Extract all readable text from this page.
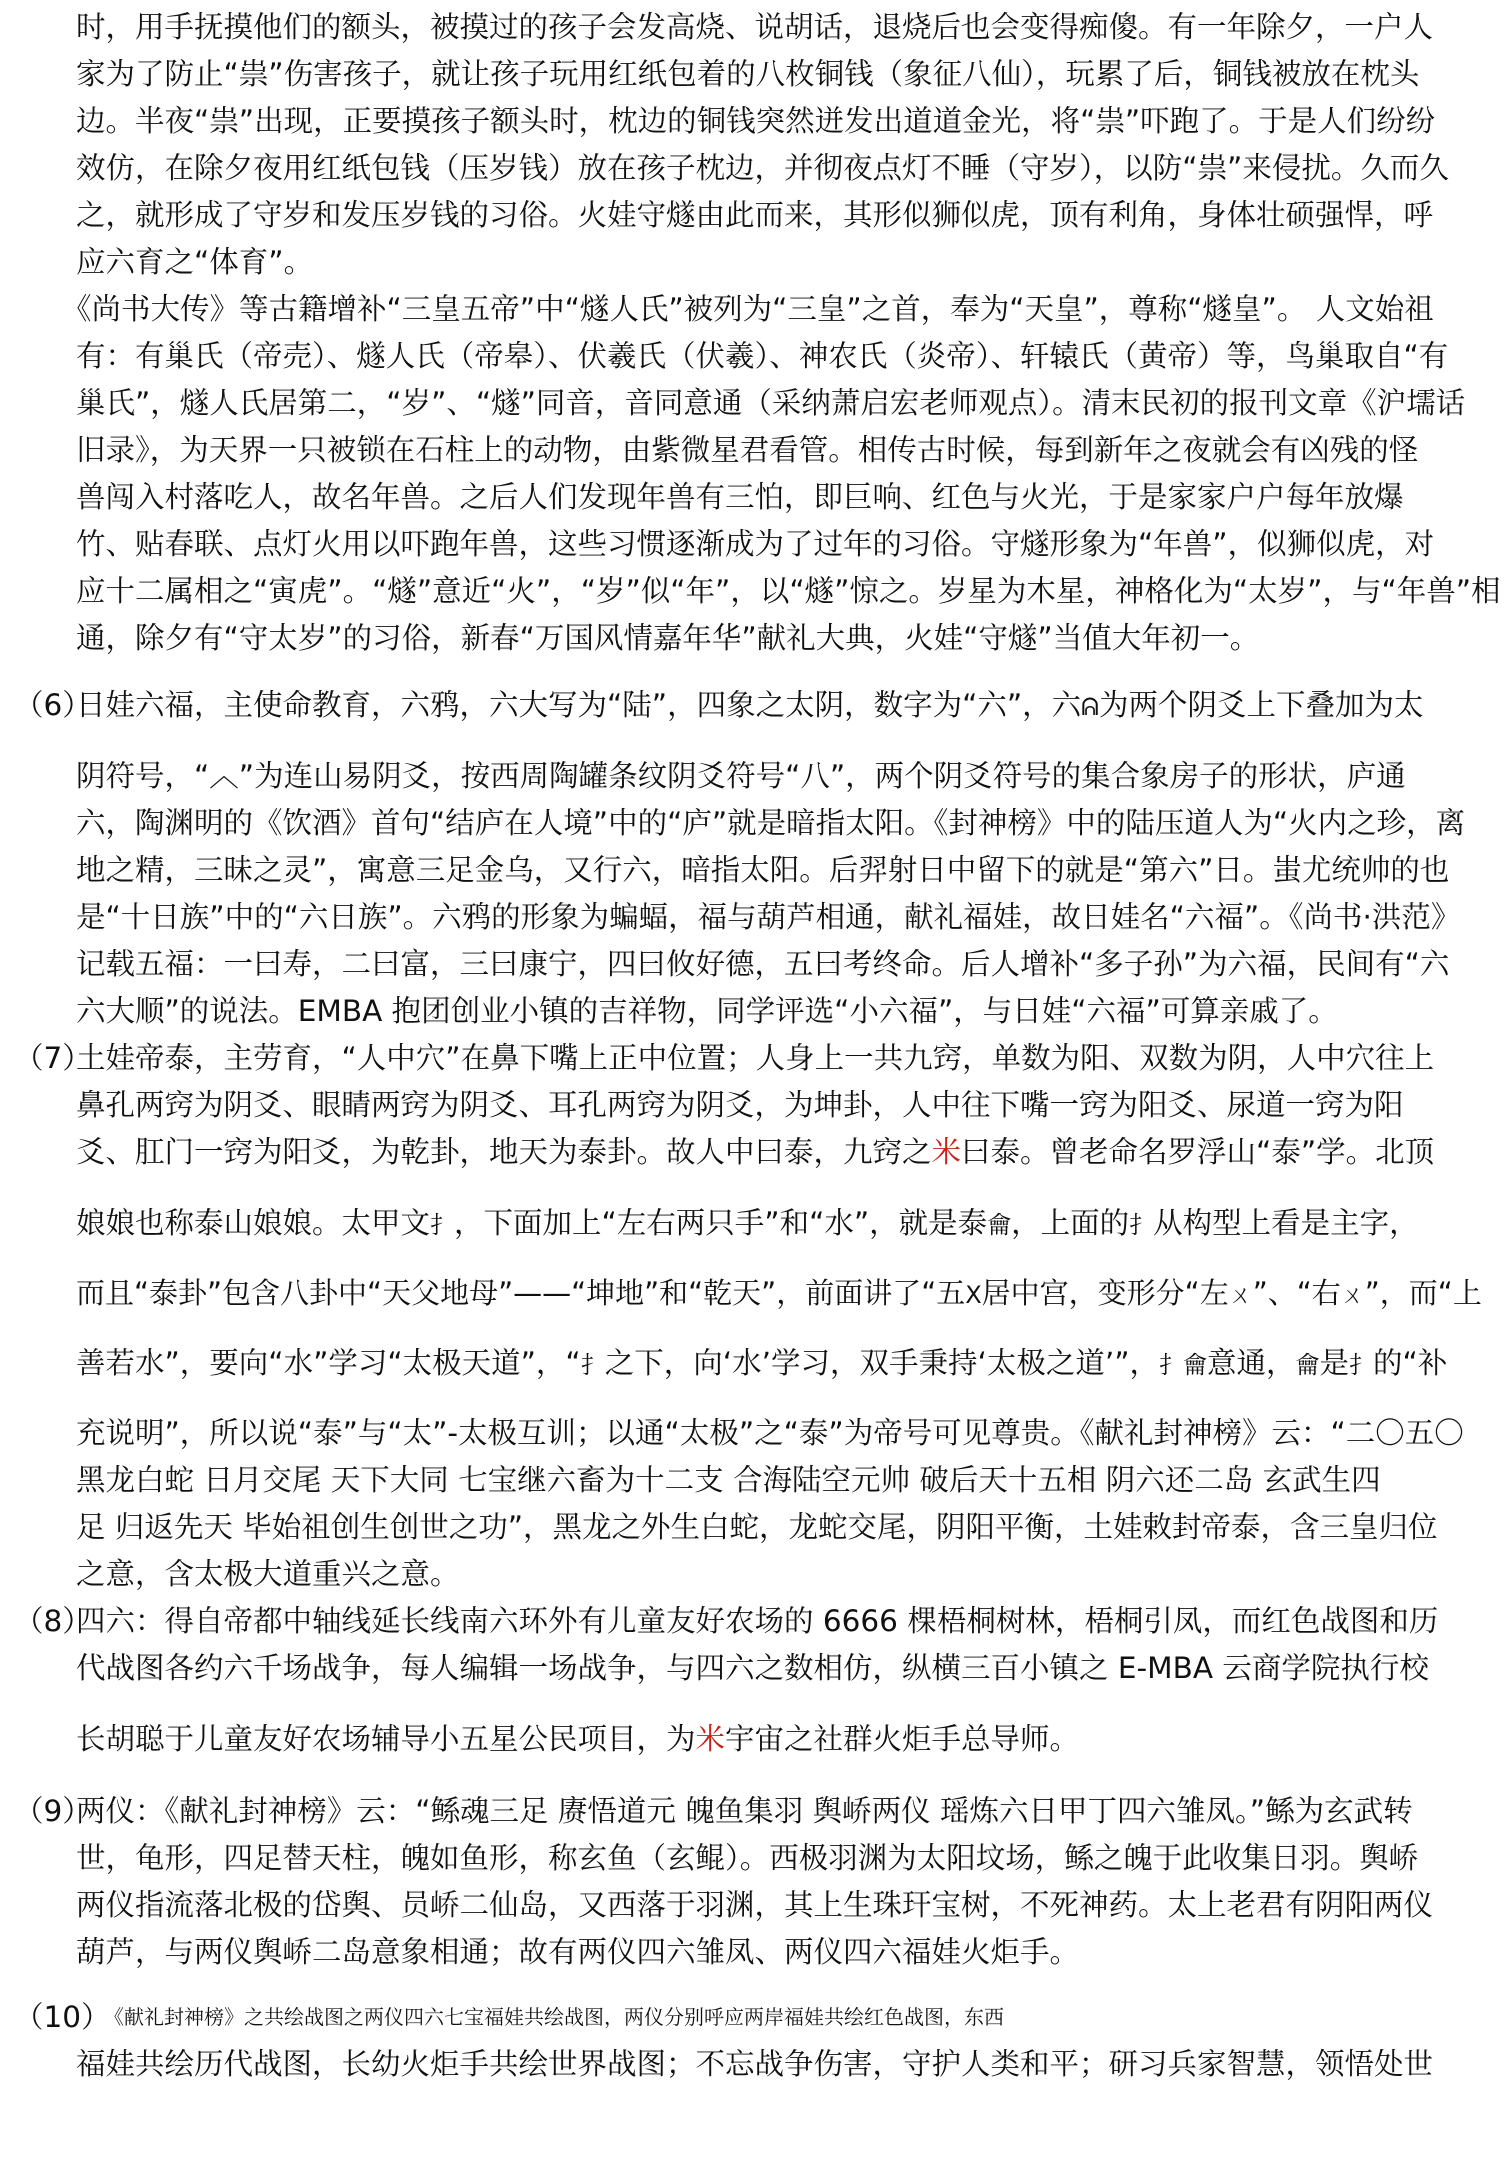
时，用手抚摸他们的额头，被摸过的孩子会发高烧、说胡话，退烧后也会变得痴傻。有一年除夕，一户人
家为了防止“祟”伤害孩子，就让孩子玩用红纸包着的八枚铜钱（象征八仙），玩累了后，铜钱被放在枕头
边。半夜“祟”出现，正要摸孩子额头时，枕边的铜钱突然迸发出道道金光，将“祟”吓跑了。于是人们纷纷
效仿，在除夕夜用红纸包钱（压岁钱）放在孩子枕边，并彻夜点灯不睡（守岁），以防“祟”来侵扰。久而久
之，就形成了守岁和发压岁钱的习俗。火娃守燧由此而来，其形似狮似虎，顶有利角，身体壮硕强悍，呼
应六育之“体育”。
《尚书大传》等古籍增补“三皇五帝”中“燧人氏”被列为“三皇”之首，奉为“天皇”，尊称“燧皇”。 人文始祖
有：有巢氏（帝売）、燧人氏（帝皋）、伏羲氏（伏羲）、神农氏（炎帝）、轩辕氏（黄帝）等，鸟巢取自“有
巢氏”，燧人氏居第二，“岁”、“燧”同音，音同意通（采纳萧启宏老师观点）。清末民初的报刊文章《沪壖话
旧录》，为天界一只被锁在石柱上的动物，由紫微星君看管。相传古时候，每到新年之夜就会有凶残的怪
兽闯入村落吃人，故名年兽。之后人们发现年兽有三怕，即巨响、红色与火光，于是家家户户每年放爆
竹、贴春联、点灯火用以吓跑年兽，这些习惯逐渐成为了过年的习俗。守燧形象为“年兽”，似狮似虎，对
应十二属相之“寅虎”。“燧”意近“火”，“岁”似“年”，以“燧”惊之。岁星为木星，神格化为“太岁”，与“年兽”相
通，除夕有“守太岁”的习俗，新春“万国风情嘉年华”献礼大典，火娃“守燧”当值大年初一。
（6）
日娃六福，主使命教育，六鸦，六大写为“陆”，四象之太阴，数字为“六”，六ᕱ为两个阴爻上下叠加为太
阴符号，“︿”为连山易阴爻，按西周陶罐条纹阴爻符号“八”，两个阴爻符号的集合象房子的形状，庐通
六，陶渊明的《饮酒》首句“结庐在人境”中的“庐”就是暗指太阳。《封神榜》中的陆压道人为“火内之珍，离
地之精，三昧之灵”，寓意三足金乌，又行六，暗指太阳。后羿射日中留下的就是“第六”日。蚩尤统帅的也
是“十日族”中的“六日族”。六鸦的形象为蝙蝠，福与葫芦相通，献礼福娃，故日娃名“六福”。《尚书·洪范》
记载五福：一曰寿，二曰富，三曰康宁，四曰攸好德，五曰考终命。后人增补“多子孙”为六福，民间有“六
六大顺”的说法。EMBA 抱团创业小镇的吉祥物，同学评选“小六福”，与日娃“六福”可算亲戚了。
（7）
土娃帝泰，主劳育，“人中穴”在鼻下嘴上正中位置；人身上一共九窍，单数为阳、双数为阴，人中穴往上
鼻孔两窍为阴爻、眼睛两窍为阴爻、耳孔两窍为阴爻，为坤卦，人中往下嘴一窍为阳爻、尿道一窍为阳
爻、肛门一窍为阳爻，为乾卦，地天为泰卦。故人中曰泰，九窍之⽶曰泰。曾老命名罗浮山“泰”学。北顶
娘娘也称泰山娘娘。太甲文⺘，下面加上“左右两只手”和“水”，就是泰龠，上面的⺘从构型上看是主字，
而且“泰卦”包含八卦中“天父地母”——“坤地”和“乾天”，前面讲了“五X居中宫，变形分“左ㄨ”、“右ㄨ”，而“上
善若水”，要向“水”学习“太极天道”，“⺘之下，向‘水’学习，双手秉持‘太极之道’”，⺘龠意通，龠是⺘的“补
充说明”，所以说“泰”与“太”-太极互训；以通“太极”之“泰”为帝号可见尊贵。《献礼封神榜》云：“二〇五〇
黑龙白蛇 日月交尾 天下大同 七宝继六畜为十二支 合海陆空元帅 破后天十五相 阴六还二岛 玄武生四
足 归返先天 毕始祖创生创世之功”，黑龙之外生白蛇，龙蛇交尾，阴阳平衡，土娃敕封帝泰，含三皇归位
之意，含太极大道重兴之意。
（8）
四六：得自帝都中轴线延长线南六环外有儿童友好农场的 6666 棵梧桐树林，梧桐引凤，而红色战图和历
代战图各约六千场战争，每人编辑一场战争，与四六之数相仿，纵横三百小镇之 E-MBA 云商学院执行校
长胡聪于儿童友好农场辅导小五星公民项目，为⽶宇宙之社群火炬手总导师。
（9）
两仪：《献礼封神榜》云：“鲧魂三足 赓悟道元 魄鱼集羽 舆峤两仪 瑶炼六日甲丁四六雏凤。”鲧为玄武转
世，龟形，四足替天柱，魄如鱼形，称玄鱼（玄鲲）。西极羽渊为太阳坟场，鲧之魄于此收集日羽。舆峤
两仪指流落北极的岱舆、员峤二仙岛，又西落于羽渊，其上生珠玕宝树，不死神药。太上老君有阴阳两仪
葫芦，与两仪舆峤二岛意象相通；故有两仪四六雏凤、两仪四六福娃火炬手。
（10）
《献礼封神榜》之共绘战图之两仪四六七宝福娃共绘战图，两仪分别呼应两岸福娃共绘红色战图，东西
福娃共绘历代战图，长幼火炬手共绘世界战图；不忘战争伤害，守护人类和平；研习兵家智慧，领悟处世
